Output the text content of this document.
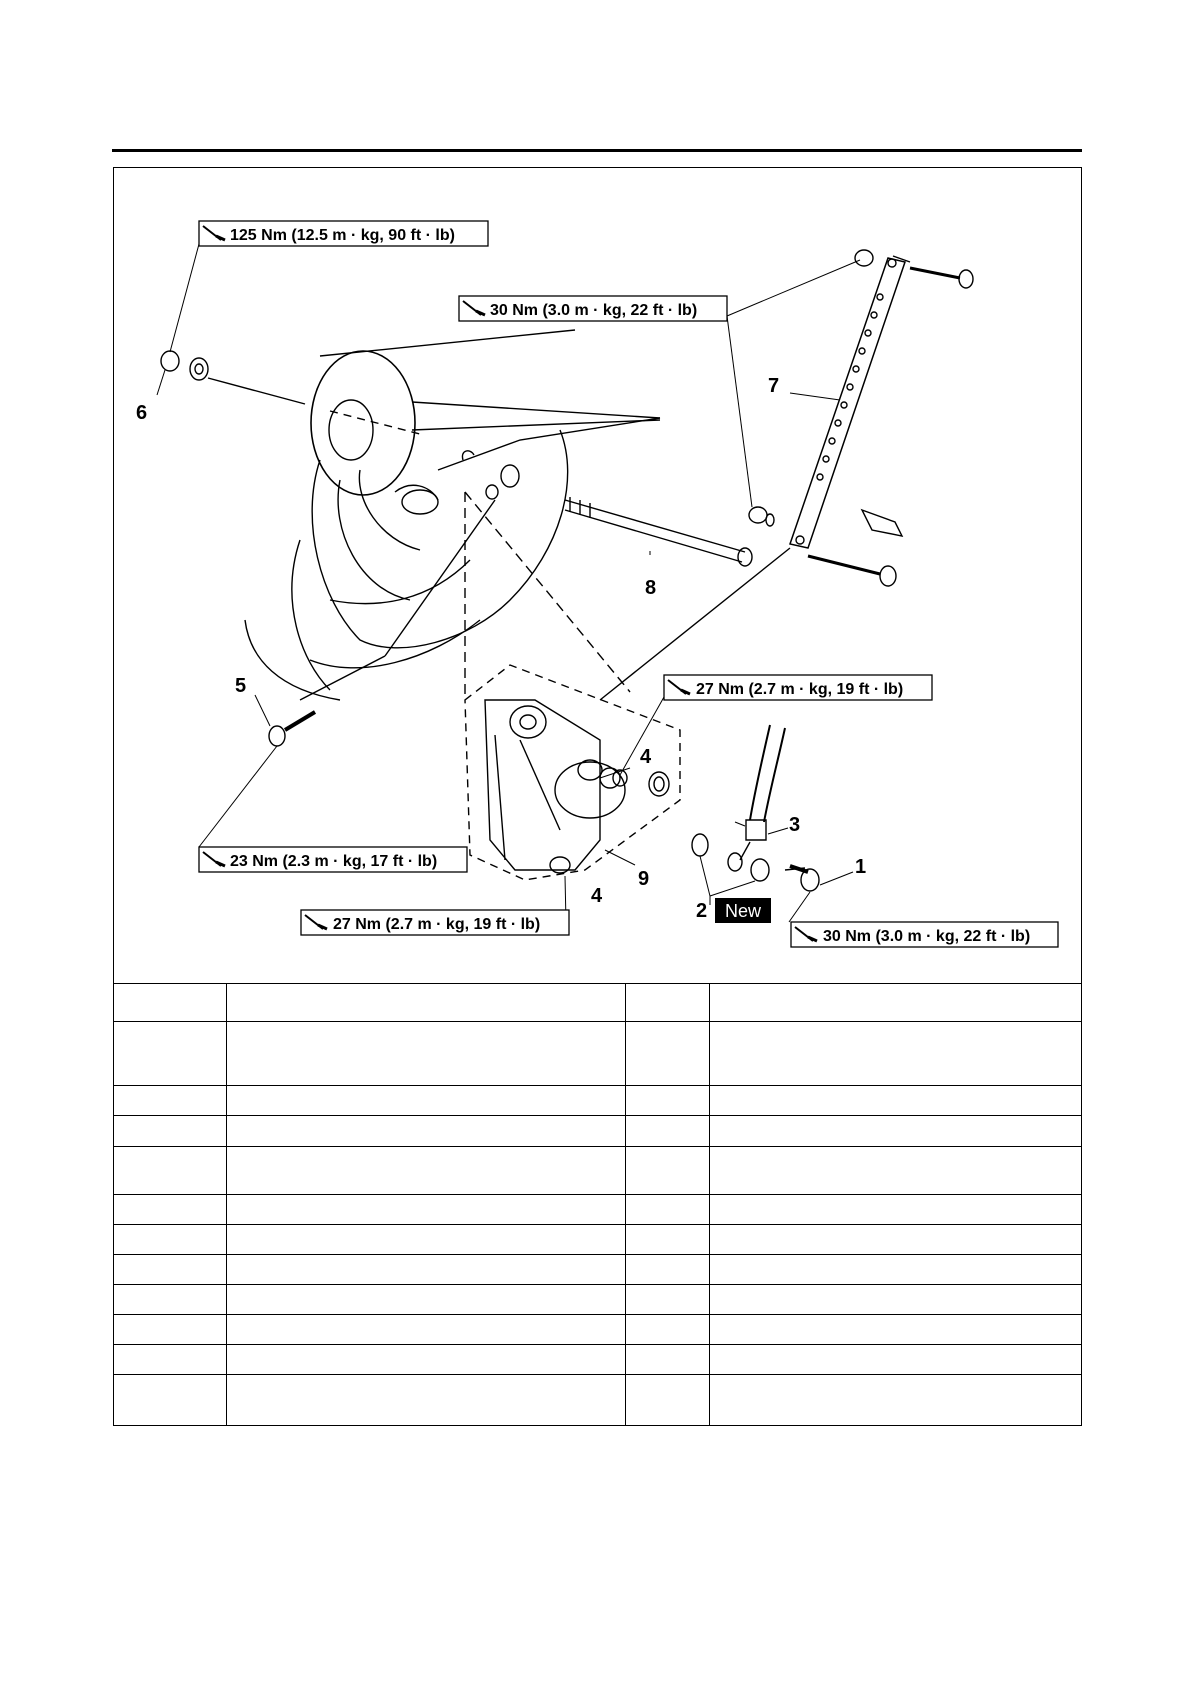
125 Nm (12.5 m · kg, 90 ft · lb)
30 Nm (3.0 m · kg, 22 ft · lb)
27 Nm (2.7 m · kg, 19 ft · lb)
23 Nm (2.3 m · kg, 17 ft · lb)
27 Nm (2.7 m · kg, 19 ft · lb)
30 Nm (3.0 m · kg, 22 ft · lb)
1
2
3
4
4
5
6
7
8
9
New
